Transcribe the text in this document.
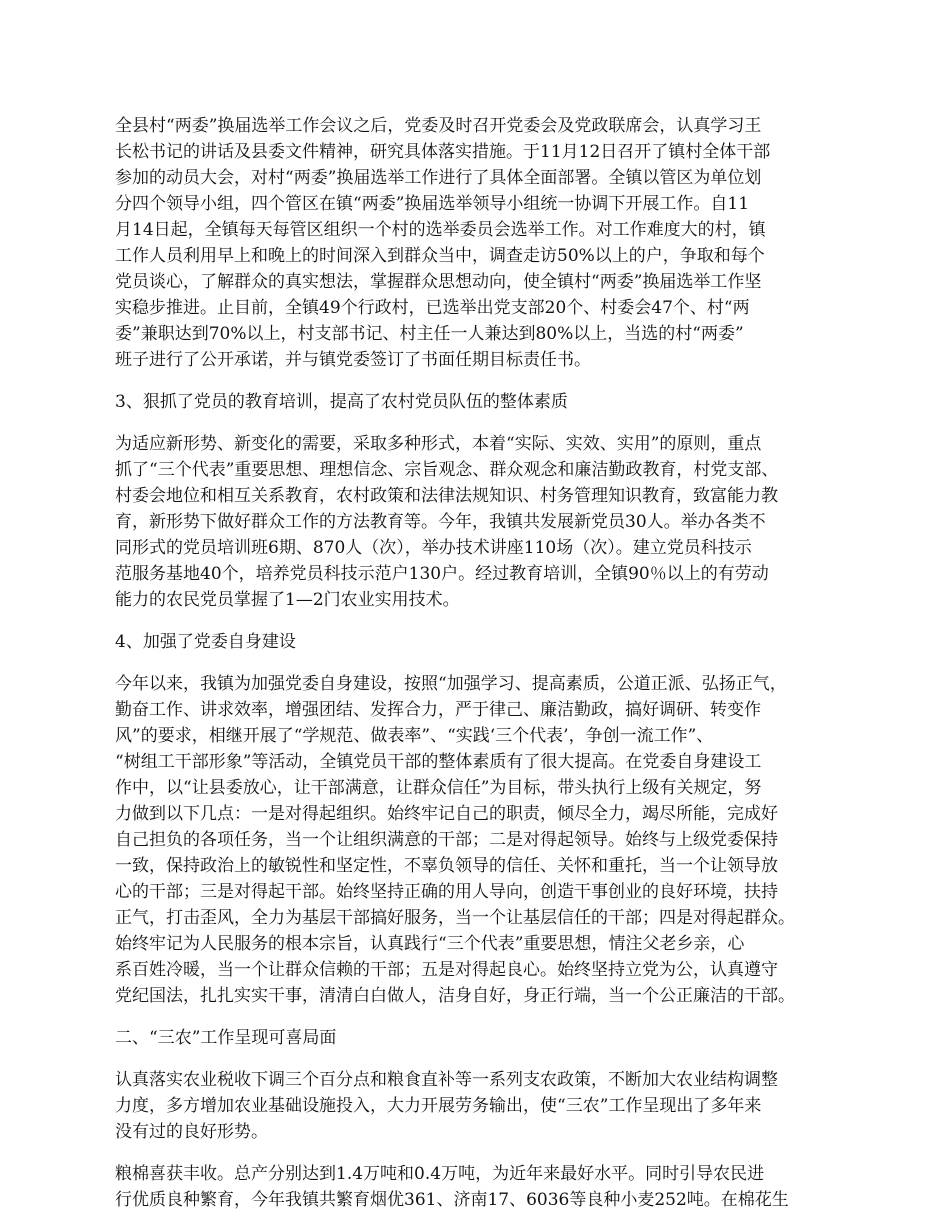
全县村“两委”换届选举工作会议之后，党委及时召开党委会及党政联席会，认真学习王
长松书记的讲话及县委文件精神，研究具体落实措施。于11月12日召开了镇村全体干部
参加的动员大会，对村“两委”换届选举工作进行了具体全面部署。全镇以管区为单位划
分四个领导小组，四个管区在镇“两委”换届选举领导小组统一协调下开展工作。自11
月14日起，全镇每天每管区组织一个村的选举委员会选举工作。对工作难度大的村，镇
工作人员利用早上和晚上的时间深入到群众当中，调查走访50%以上的户，争取和每个
党员谈心，了解群众的真实想法，掌握群众思想动向，使全镇村“两委”换届选举工作坚
实稳步推进。止目前，全镇49个行政村，已选举出党支部20个、村委会47个、村“两
委”兼职达到70%以上，村支部书记、村主任一人兼达到80%以上，当选的村“两委”
班子进行了公开承诺，并与镇党委签订了书面任期目标责任书。
3、狠抓了党员的教育培训，提高了农村党员队伍的整体素质
为适应新形势、新变化的需要，采取多种形式，本着“实际、实效、实用”的原则，重点
抓了“三个代表”重要思想、理想信念、宗旨观念、群众观念和廉洁勤政教育，村党支部、
村委会地位和相互关系教育，农村政策和法律法规知识、村务管理知识教育，致富能力教
育，新形势下做好群众工作的方法教育等。今年，我镇共发展新党员30人。举办各类不
同形式的党员培训班6期、870人（次），举办技术讲座110场（次）。建立党员科技示
范服务基地40个，培养党员科技示范户130户。经过教育培训，全镇90％以上的有劳动
能力的农民党员掌握了1—2门农业实用技术。
4、加强了党委自身建设
今年以来，我镇为加强党委自身建设，按照“加强学习、提高素质，公道正派、弘扬正气，
勤奋工作、讲求效率，增强团结、发挥合力，严于律己、廉洁勤政，搞好调研、转变作
风”的要求，相继开展了“学规范、做表率”、“实践‘三个代表’，争创一流工作”、
“树组工干部形象”等活动，全镇党员干部的整体素质有了很大提高。在党委自身建设工
作中，以“让县委放心，让干部满意，让群众信任”为目标，带头执行上级有关规定，努
力做到以下几点：一是对得起组织。始终牢记自己的职责，倾尽全力，竭尽所能，完成好
自己担负的各项任务，当一个让组织满意的干部；二是对得起领导。始终与上级党委保持
一致，保持政治上的敏锐性和坚定性，不辜负领导的信任、关怀和重托，当一个让领导放
心的干部；三是对得起干部。始终坚持正确的用人导向，创造干事创业的良好环境，扶持
正气，打击歪风，全力为基层干部搞好服务，当一个让基层信任的干部；四是对得起群众。
始终牢记为人民服务的根本宗旨，认真践行“三个代表”重要思想，情注父老乡亲，心
系百姓冷暖，当一个让群众信赖的干部；五是对得起良心。始终坚持立党为公，认真遵守
党纪国法，扎扎实实干事，清清白白做人，洁身自好，身正行端，当一个公正廉洁的干部。
二、“三农”工作呈现可喜局面
认真落实农业税收下调三个百分点和粮食直补等一系列支农政策，不断加大农业结构调整
力度，多方增加农业基础设施投入，大力开展劳务输出，使“三农”工作呈现出了多年来
没有过的良好形势。
粮棉喜获丰收。总产分别达到1.4万吨和0.4万吨，为近年来最好水平。同时引导农民进
行优质良种繁育，今年我镇共繁育烟优361、济南17、6036等良种小麦252吨。在棉花生
